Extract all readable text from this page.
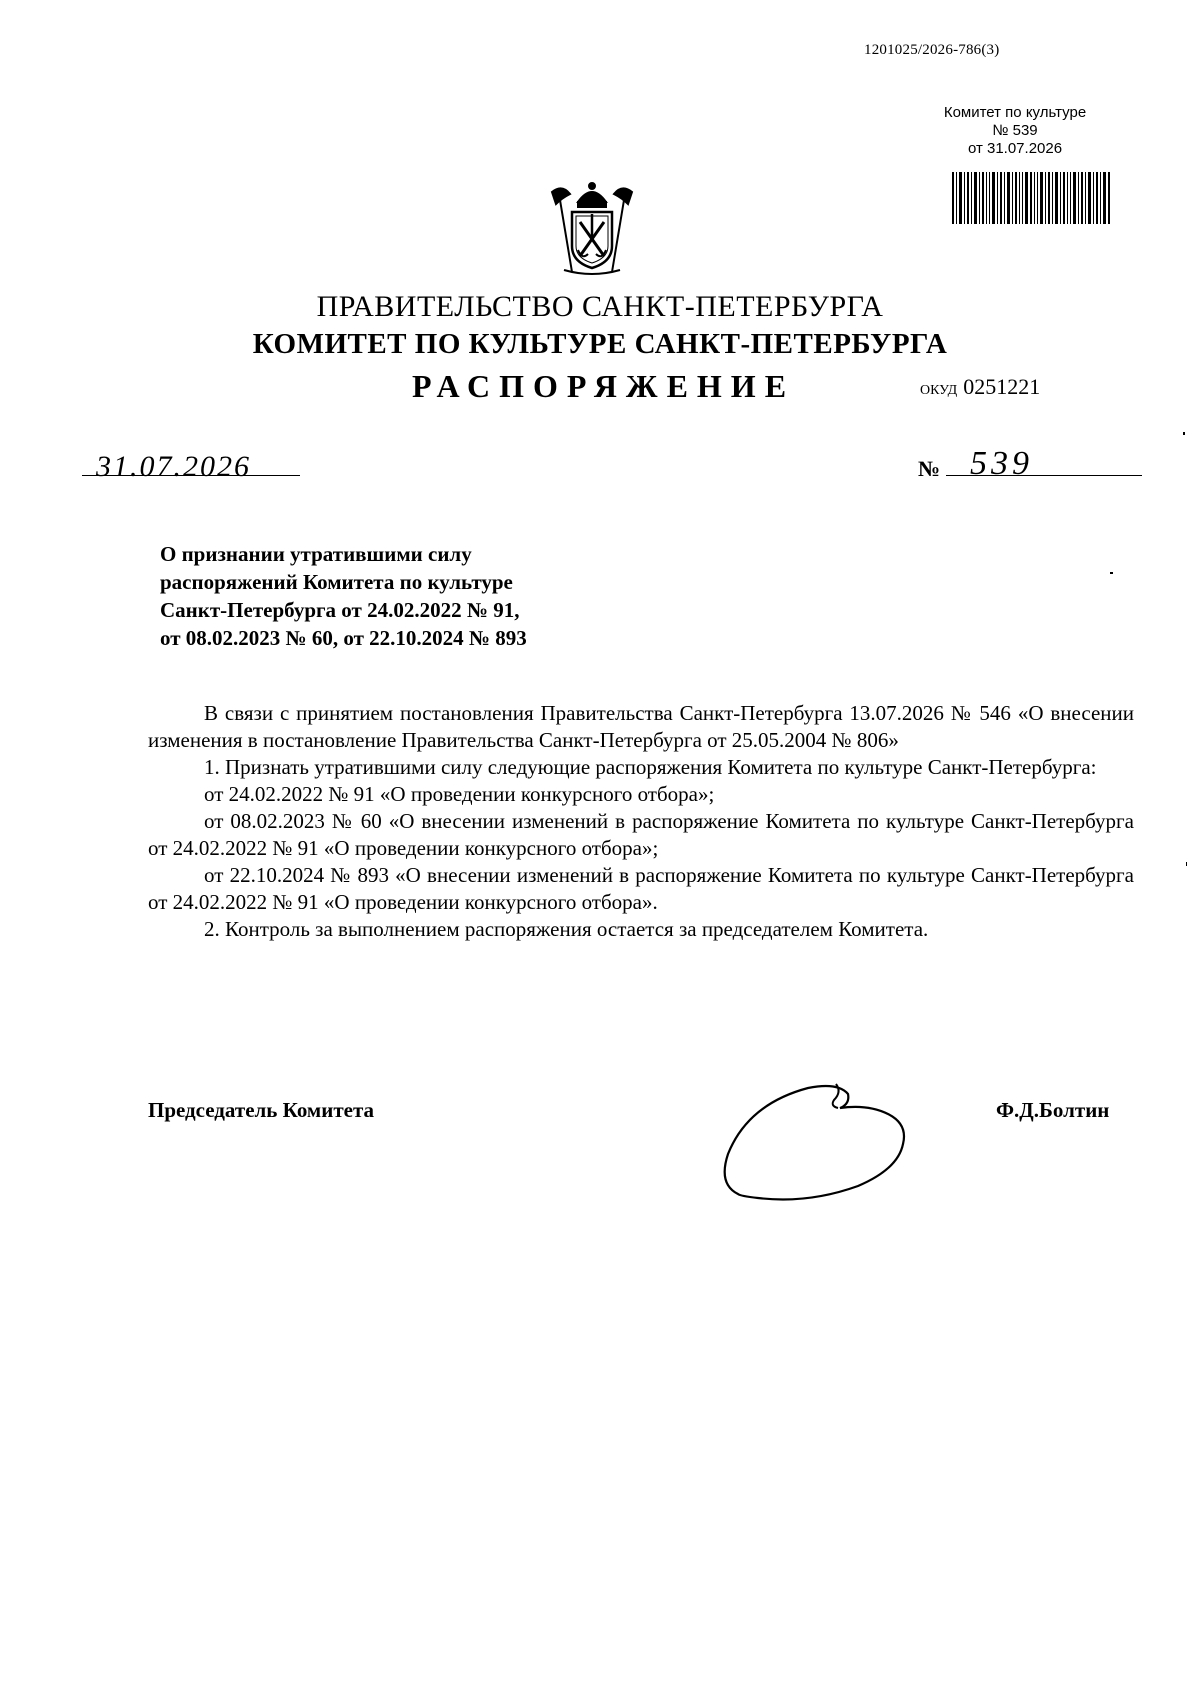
1201025/2026-786(3)
Комитет по культуре
№ 539
от 31.07.2026
ПРАВИТЕЛЬСТВО САНКТ-ПЕТЕРБУРГА
КОМИТЕТ ПО КУЛЬТУРЕ САНКТ-ПЕТЕРБУРГА
РАСПОРЯЖЕНИЕ	ОКУД 0251221
31.07.2026	№ 539
О признании утратившими силу
распоряжений Комитета по культуре
Санкт-Петербурга от 24.02.2022 № 91,
от 08.02.2023 № 60, от 22.10.2024 № 893

В связи с принятием постановления Правительства Санкт-Петербурга 13.07.2026 № 546 «О внесении изменения в постановление Правительства Санкт-Петербурга от 25.05.2004 № 806»

1. Признать утратившими силу следующие распоряжения Комитета по культуре Санкт-Петербурга:

от 24.02.2022 № 91 «О проведении конкурсного отбора»;

от 08.02.2023 № 60 «О внесении изменений в распоряжение Комитета по культуре Санкт-Петербурга от 24.02.2022 № 91 «О проведении конкурсного отбора»;

от 22.10.2024 № 893 «О внесении изменений в распоряжение Комитета по культуре Санкт-Петербурга от 24.02.2022 № 91 «О проведении конкурсного отбора».

2. Контроль за выполнением распоряжения остается за председателем Комитета.

Председатель Комитета	Ф.Д.Болтин
